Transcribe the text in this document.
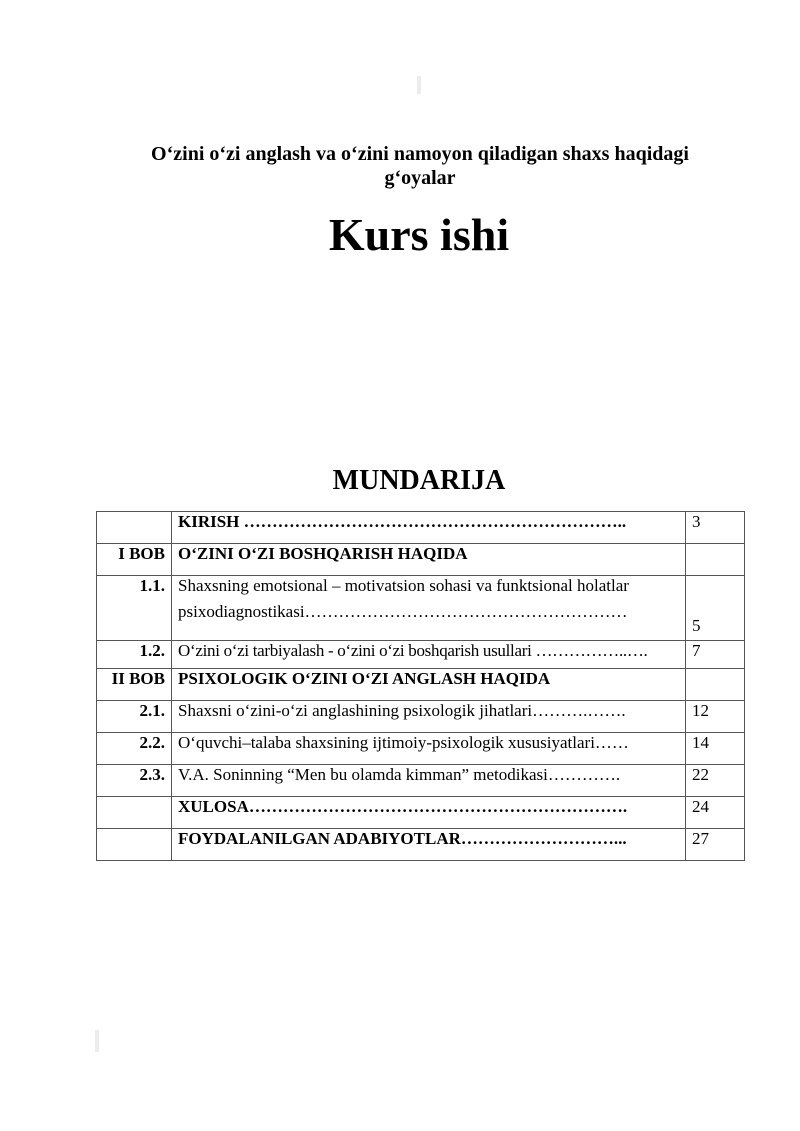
O‘zini o‘zi anglash va o‘zini namoyon qiladigan shaxs haqidagi
g‘oyalar
Kurs ishi
MUNDARIJA
	KIRISH …………………………………………………………..	3
I BOB	O‘ZINI O‘ZI BOSHQARISH HAQIDA	
1.1.	Shaxsning emotsional – motivatsion sohasi va funktsional holatlar
psixodiagnostikasi…………………………………………………	5
1.2.	O‘zini o‘zi tarbiyalash - o‘zini o‘zi boshqarish usullari ……………..….	7
II BOB	PSIXOLOGIK O‘ZINI O‘ZI ANGLASH HAQIDA	
2.1.	Shaxsni o‘zini-o‘zi anglashining psixologik jihatlari……….…….	12
2.2.	O‘quvchi–talaba shaxsining ijtimoiy-psixologik xususiyatlari……	14
2.3.	V.A. Soninning “Men bu olamda kimman” metodikasi………….	22
	XULOSA………………………………………………………….	24
	FOYDALANILGAN ADABIYOTLAR………………………...	27
